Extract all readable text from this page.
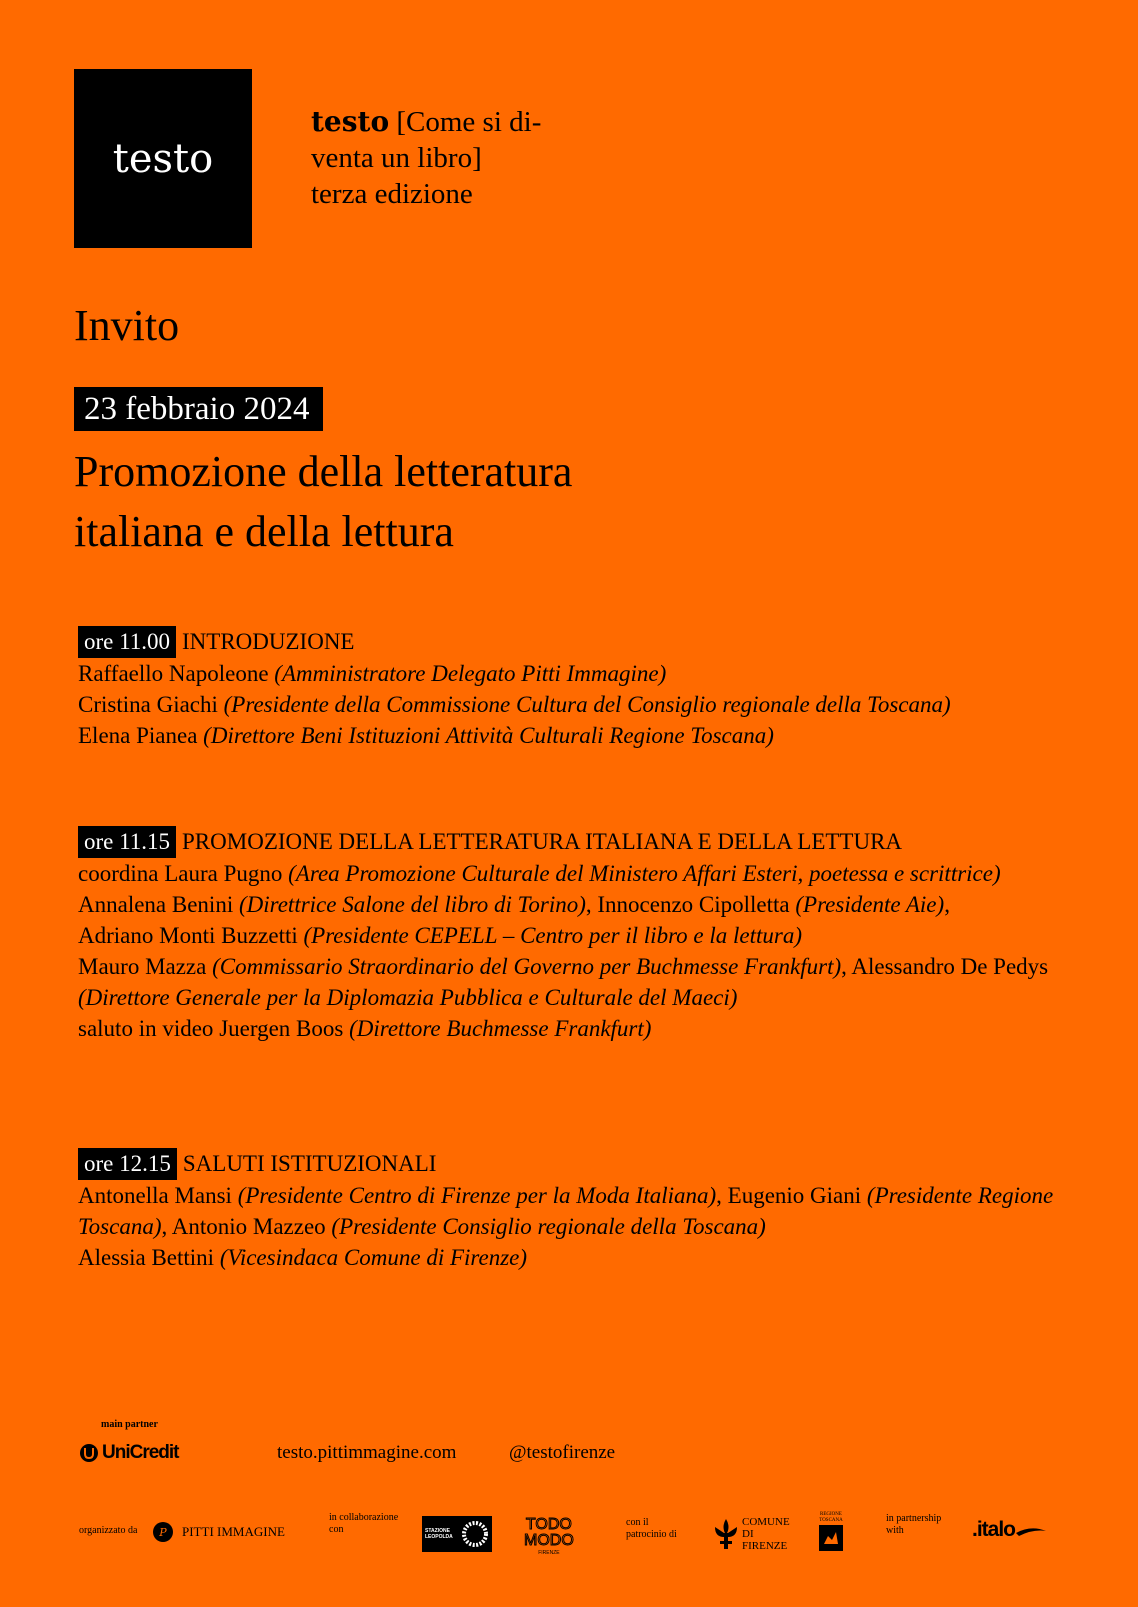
testo
testo [Come si di-
venta un libro]
terza edizione
Invito
23 febbraio 2024
Promozione della letteratura
italiana e della lettura
ore 11.00 INTRODUZIONE
Raffaello Napoleone (Amministratore Delegato Pitti Immagine)
Cristina Giachi (Presidente della Commissione Cultura del Consiglio regionale della Toscana)
Elena Pianea (Direttore Beni Istituzioni Attività Culturali Regione Toscana)
ore 11.15 PROMOZIONE DELLA LETTERATURA ITALIANA E DELLA LETTURA
coordina Laura Pugno (Area Promozione Culturale del Ministero Affari Esteri, poetessa e scrittrice)
Annalena Benini (Direttrice Salone del libro di Torino), Innocenzo Cipolletta (Presidente Aie),
Adriano Monti Buzzetti (Presidente CEPELL – Centro per il libro e la lettura)
Mauro Mazza (Commissario Straordinario del Governo per Buchmesse Frankfurt), Alessandro De Pedys (Direttore Generale per la Diplomazia Pubblica e Culturale del Maeci)
saluto in video Juergen Boos (Direttore Buchmesse Frankfurt)
ore 12.15 SALUTI ISTITUZIONALI
Antonella Mansi (Presidente Centro di Firenze per la Moda Italiana), Eugenio Giani (Presidente Regione Toscana), Antonio Mazzeo (Presidente Consiglio regionale della Toscana)
Alessia Bettini (Vicesindaca Comune di Firenze)
main partner
UniCredit	testo.pittimmagine.com	@testofirenze
organizzato da P PITTI IMMAGINE
in collaborazione con	STAZIONE LEOPOLDA
TODO
MODO
FIRENZE
con il patrocinio di
COMUNE DI FIRENZE
REGIONE TOSCANA	in partnership with	.italo
